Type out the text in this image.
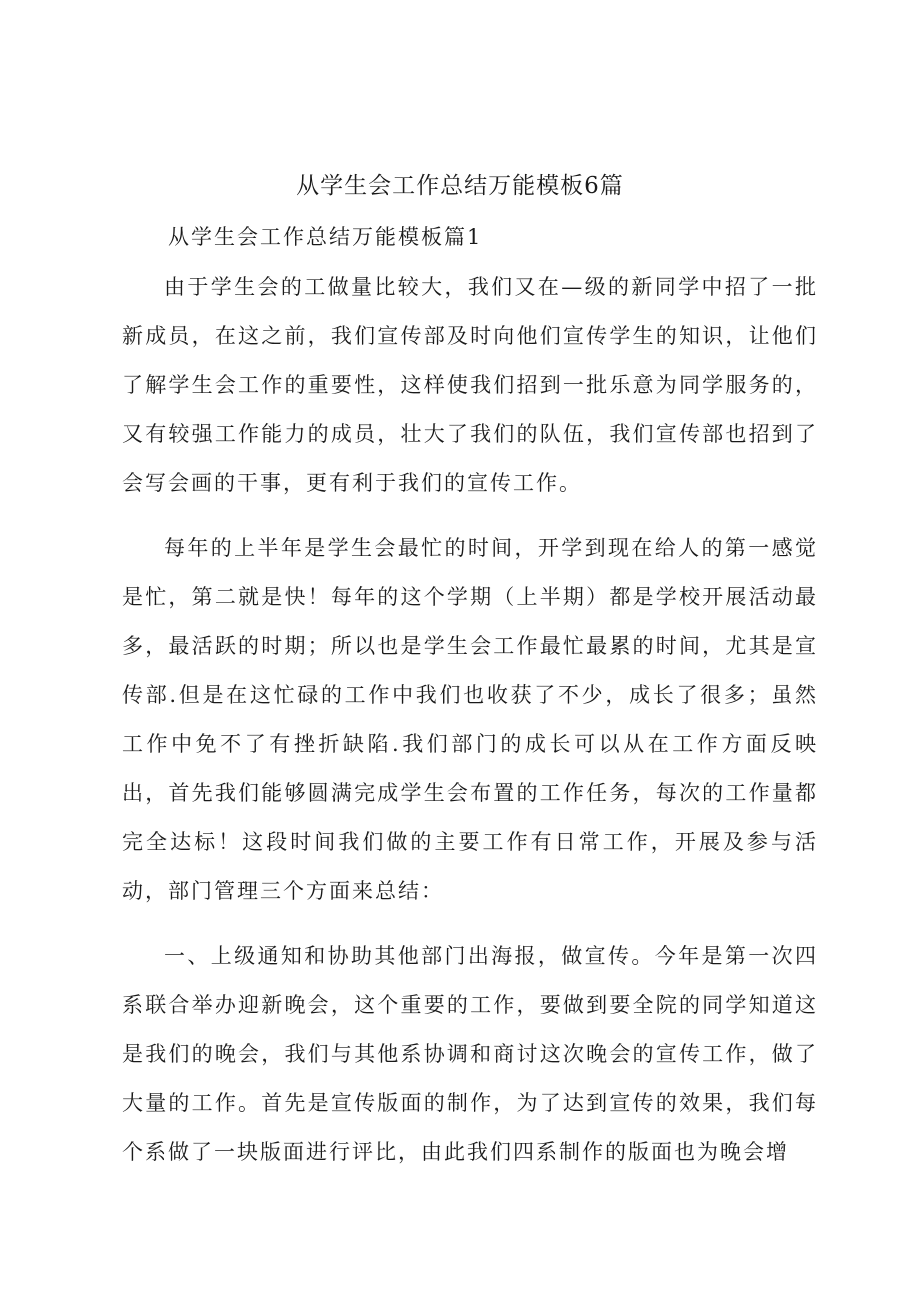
从学生会工作总结万能模板6篇
从学生会工作总结万能模板篇1

由于学生会的工做量比较大，我们又在—级的新同学中招了一批新成员，在这之前，我们宣传部及时向他们宣传学生的知识，让他们了解学生会工作的重要性，这样使我们招到一批乐意为同学服务的，又有较强工作能力的成员，壮大了我们的队伍，我们宣传部也招到了会写会画的干事，更有利于我们的宣传工作。

每年的上半年是学生会最忙的时间，开学到现在给人的第一感觉是忙，第二就是快！每年的这个学期（上半期）都是学校开展活动最多，最活跃的时期；所以也是学生会工作最忙最累的时间，尤其是宣传部.但是在这忙碌的工作中我们也收获了不少，成长了很多；虽然工作中免不了有挫折缺陷.我们部门的成长可以从在工作方面反映出，首先我们能够圆满完成学生会布置的工作任务，每次的工作量都完全达标！这段时间我们做的主要工作有日常工作，开展及参与活动，部门管理三个方面来总结：

一、上级通知和协助其他部门出海报，做宣传。今年是第一次四系联合举办迎新晚会，这个重要的工作，要做到要全院的同学知道这是我们的晚会，我们与其他系协调和商讨这次晚会的宣传工作，做了大量的工作。首先是宣传版面的制作，为了达到宣传的效果，我们每个系做了一块版面进行评比，由此我们四系制作的版面也为晚会增
